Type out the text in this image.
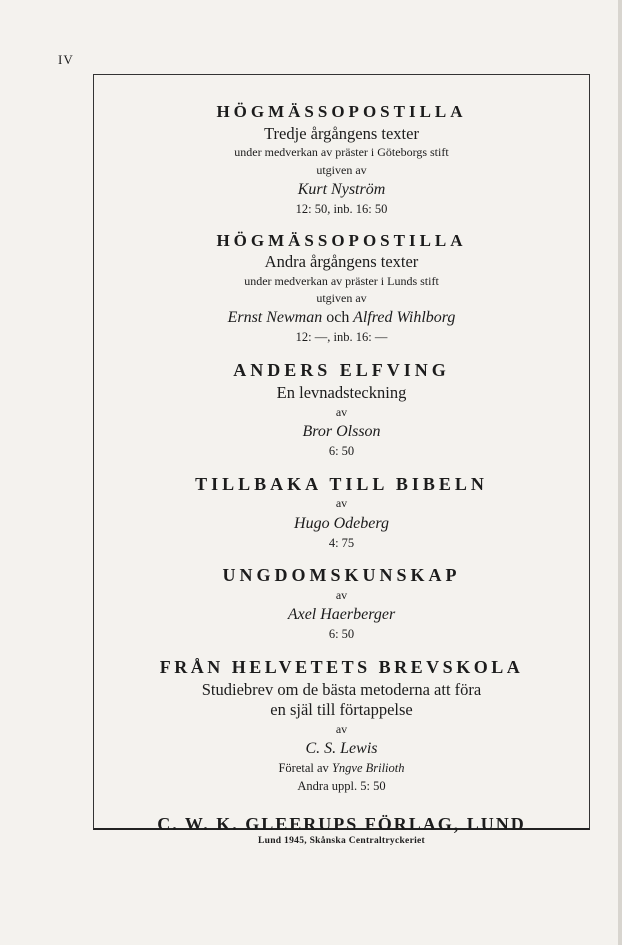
IV

HÖGMÄSSOPOSTILLA

Tredje årgångens texter

under medverkan av präster i Göteborgs stift

utgiven av

Kurt Nyström

12: 50, inb. 16: 50

HÖGMÄSSOPOSTILLA

Andra årgångens texter

under medverkan av präster i Lunds stift

utgiven av

Ernst Newman och Alfred Wihlborg

12: —, inb. 16: —

ANDERS ELFVING

En levnadsteckning

av

Bror Olsson

6: 50

TILLBAKA TILL BIBELN

av

Hugo Odeberg

4: 75

UNGDOMSKUNSKAP

av

Axel Haerberger

6: 50

FRÅN HELVETETS BREVSKOLA

Studiebrev om de bästa metoderna att föra

en själ till förtappelse

av

C. S. Lewis

Företal av Yngve Brilioth

Andra uppl. 5: 50

C. W. K. GLEERUPS FÖRLAG, LUND

Lund 1945, Skånska Centraltryckeriet
